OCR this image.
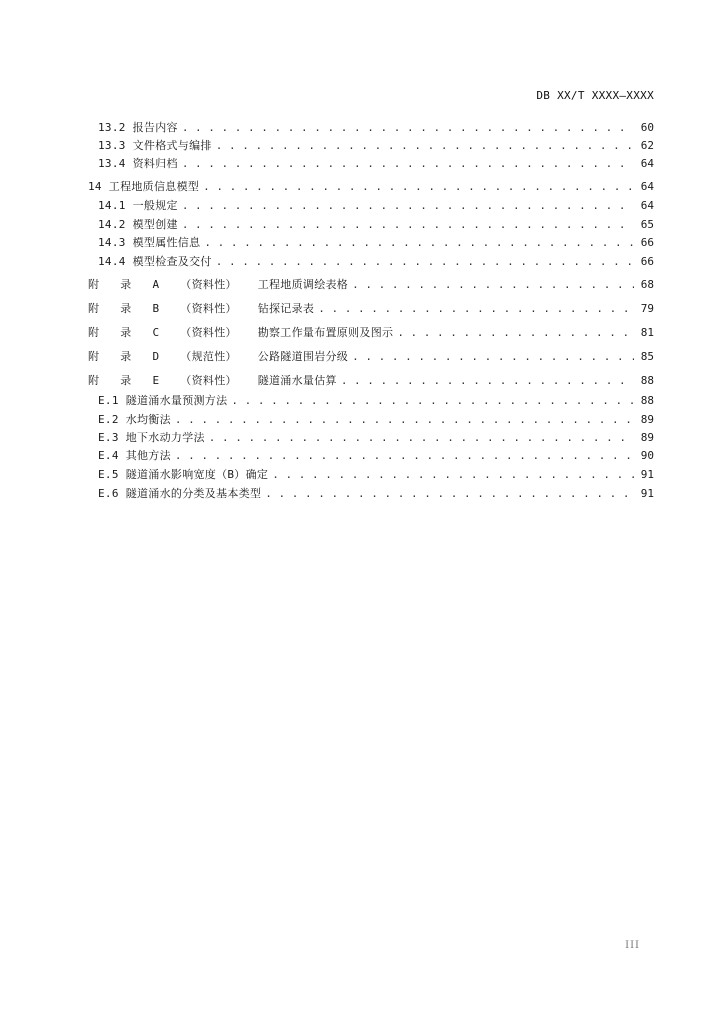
DB XX/T XXXX—XXXX
13.2 报告内容 . . .	60
13.3 文件格式与编排 . . .	62
13.4 资料归档 . . .	64
14 工程地质信息模型 . . .	64
14.1 一般规定 . . .	64
14.2 模型创建 . . .	65
14.3 模型属性信息 . . .	66
14.4 模型检查及交付 . . .	66
附 录 A （资料性） 工程地质调绘表格 . . .	68
附 录 B （资料性） 钻探记录表 . . .	79
附 录 C （资料性） 勘察工作量布置原则及图示 . . .	81
附 录 D （规范性） 公路隧道围岩分级 . . .	85
附 录 E （资料性） 隧道涌水量估算 . . .	88
E.1 隧道涌水量预测方法 . . .	88
E.2 水均衡法 . . .	89
E.3 地下水动力学法 . . .	89
E.4 其他方法 . . .	90
E.5 隧道涌水影响宽度（B）确定 . . .	91
E.6 隧道涌水的分类及基本类型 . . .	91
III
